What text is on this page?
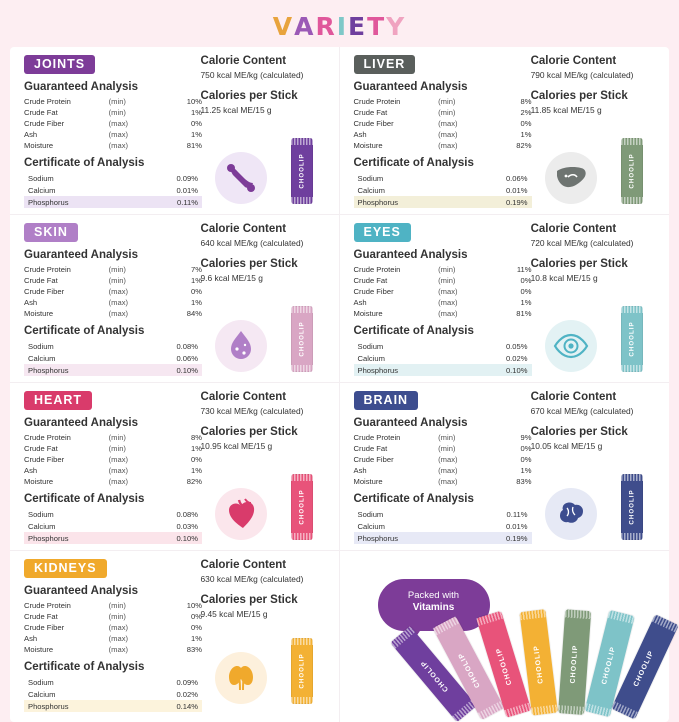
VARIETY
JOINTS
Guaranteed Analysis
Crude Protein	(min)	10%
Crude Fat	(min)	1%
Crude Fiber	(max)	0%
Ash	(max)	1%
Moisture	(max)	81%
Certificate of Analysis
Sodium	0.09%
Calcium	0.01%
Phosphorus	0.11%
Calorie Content
750 kcal ME/kg (calculated)
Calories per Stick
11.25 kcal ME/15 g
CHOOLIP
LIVER
Guaranteed Analysis
Crude Protein	(min)	8%
Crude Fat	(min)	2%
Crude Fiber	(max)	0%
Ash	(max)	1%
Moisture	(max)	82%
Certificate of Analysis
Sodium	0.06%
Calcium	0.01%
Phosphorus	0.19%
Calorie Content
790 kcal ME/kg (calculated)
Calories per Stick
11.85 kcal ME/15 g
CHOOLIP
SKIN
Guaranteed Analysis
Crude Protein	(min)	7%
Crude Fat	(min)	1%
Crude Fiber	(max)	0%
Ash	(max)	1%
Moisture	(max)	84%
Certificate of Analysis
Sodium	0.08%
Calcium	0.06%
Phosphorus	0.10%
Calorie Content
640 kcal ME/kg (calculated)
Calories per Stick
9.6 kcal ME/15 g
CHOOLIP
EYES
Guaranteed Analysis
Crude Protein	(min)	11%
Crude Fat	(min)	0%
Crude Fiber	(max)	0%
Ash	(max)	1%
Moisture	(max)	81%
Certificate of Analysis
Sodium	0.05%
Calcium	0.02%
Phosphorus	0.10%
Calorie Content
720 kcal ME/kg (calculated)
Calories per Stick
10.8 kcal ME/15 g
CHOOLIP
HEART
Guaranteed Analysis
Crude Protein	(min)	8%
Crude Fat	(min)	1%
Crude Fiber	(max)	0%
Ash	(max)	1%
Moisture	(max)	82%
Certificate of Analysis
Sodium	0.08%
Calcium	0.03%
Phosphorus	0.10%
Calorie Content
730 kcal ME/kg (calculated)
Calories per Stick
10.95 kcal ME/15 g
CHOOLIP
BRAIN
Guaranteed Analysis
Crude Protein	(min)	9%
Crude Fat	(min)	0%
Crude Fiber	(max)	0%
Ash	(max)	1%
Moisture	(max)	83%
Certificate of Analysis
Sodium	0.11%
Calcium	0.01%
Phosphorus	0.19%
Calorie Content
670 kcal ME/kg (calculated)
Calories per Stick
10.05 kcal ME/15 g
CHOOLIP
KIDNEYS
Guaranteed Analysis
Crude Protein	(min)	10%
Crude Fat	(min)	0%
Crude Fiber	(max)	0%
Ash	(max)	1%
Moisture	(max)	83%
Certificate of Analysis
Sodium	0.09%
Calcium	0.02%
Phosphorus	0.14%
Calorie Content
630 kcal ME/kg (calculated)
Calories per Stick
9.45 kcal ME/15 g
CHOOLIP
Packed with
Vitamins
CHOOLIP CHOOLIP CHOOLIP	CHOOLIP	CHOOLIP	CHOOLIP CHOOLIP
